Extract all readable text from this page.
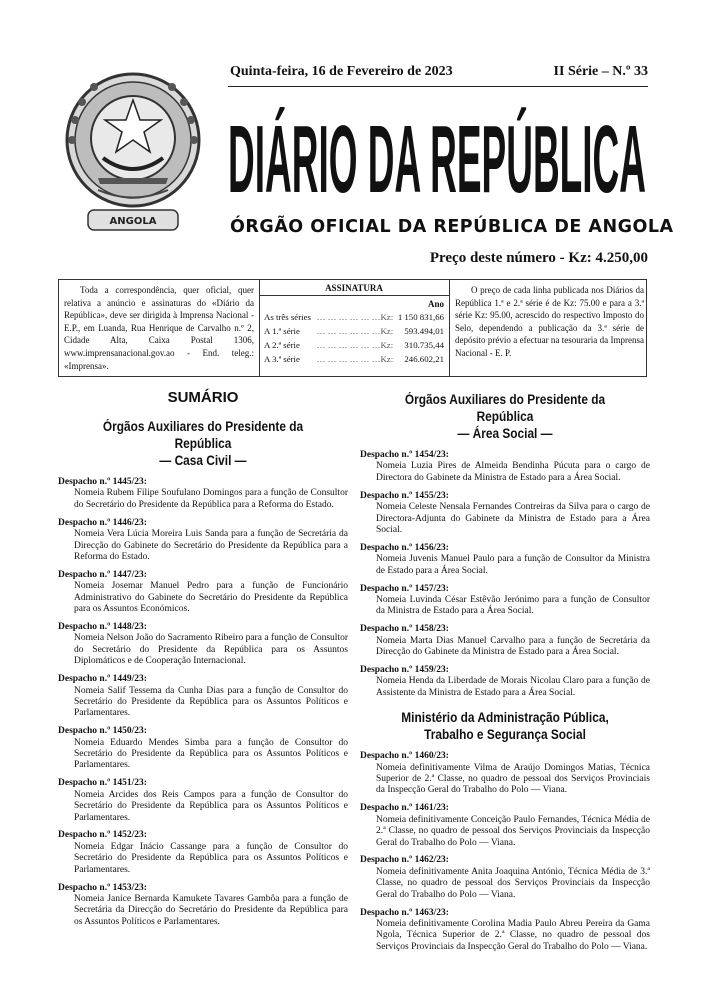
ANGOLA
Quinta-feira, 16 de Fevereiro de 2023	II Série – N.º 33
DIÁRIO DA REPÚBLICA
ÓRGÃO OFICIAL DA REPÚBLICA DE ANGOLA
Preço deste número - Kz: 4.250,00
Toda a correspondência, quer oficial, quer relativa a anúncio e assinaturas do «Diário da República», deve ser dirigida à Imprensa Nacional - E.P., em Luanda, Rua Henrique de Carvalho n.º 2, Cidade Alta, Caixa Postal 1306, www.imprensanacional.gov.ao - End. teleg.: «Imprensa».
ASSINATURA
Ano
As três séries … … … … … …Kz: 1 150 831,66
A 1.ª série	… … … … … …Kz:	593.494,01
A 2.ª série	… … … … … …Kz:	310.735,44
A 3.ª série	… … … … … …Kz:	246.602,21
O preço de cada linha publicada nos Diários da República 1.ª e 2.ª série é de Kz: 75.00 e para a 3.ª série Kz: 95.00, acrescido do respectivo Imposto do Selo, dependendo a publicação da 3.ª série de depósito prévio a efectuar na tesouraria da Imprensa Nacional - E. P.
SUMÁRIO
Órgãos Auxiliares do Presidente da República
— Casa Civil —
Despacho n.º 1445/23:
Nomeia Rubem Filipe Soufulano Domingos para a função de Consultor do Secretário do Presidente da República para a Reforma do Estado.
Despacho n.º 1446/23:
Nomeia Vera Lúcia Moreira Luis Sanda para a função de Secretária da Direcção do Gabinete do Secretário do Presidente da República para a Reforma do Estado.
Despacho n.º 1447/23:
Nomeia Josemar Manuel Pedro para a função de Funcionário Administrativo do Gabinete do Secretário do Presidente da República para os Assuntos Económicos.
Despacho n.º 1448/23:
Nomeia Nelson João do Sacramento Ribeiro para a função de Consultor do Secretário do Presidente da República para os Assuntos Diplomáticos e de Cooperação Internacional.
Despacho n.º 1449/23:
Nomeia Salif Tessema da Cunha Dias para a função de Consultor do Secretário do Presidente da República para os Assuntos Políticos e Parlamentares.
Despacho n.º 1450/23:
Nomeia Eduardo Mendes Simba para a função de Consultor do Secretário do Presidente da República para os Assuntos Políticos e Parlamentares.
Despacho n.º 1451/23:
Nomeia Arcides dos Reis Campos para a função de Consultor do Secretário do Presidente da República para os Assuntos Políticos e Parlamentares.
Despacho n.º 1452/23:
Nomeia Edgar Inácio Cassange para a função de Consultor do Secretário do Presidente da República para os Assuntos Políticos e Parlamentares.
Despacho n.º 1453/23:
Nomeia Janice Bernarda Kamukete Tavares Gambôa para a função de Secretária da Direcção do Secretário do Presidente da República para os Assuntos Políticos e Parlamentares.
Órgãos Auxiliares do Presidente da República
— Área Social —
Despacho n.º 1454/23:
Nomeia Luzia Pires de Almeida Bendinha Púcuta para o cargo de Directora do Gabinete da Ministra de Estado para a Área Social.
Despacho n.º 1455/23:
Nomeia Celeste Nensala Fernandes Contreiras da Silva para o cargo de Directora-Adjunta do Gabinete da Ministra de Estado para a Área Social.
Despacho n.º 1456/23:
Nomeia Juvenis Manuel Paulo para a função de Consultor da Ministra de Estado para a Área Social.
Despacho n.º 1457/23:
Nomeia Luvinda César Estêvão Jerónimo para a função de Consultor da Ministra de Estado para a Área Social.
Despacho n.º 1458/23:
Nomeia Marta Dias Manuel Carvalho para a função de Secretária da Direcção do Gabinete da Ministra de Estado para a Área Social.
Despacho n.º 1459/23:
Nomeia Henda da Liberdade de Morais Nicolau Claro para a função de Assistente da Ministra de Estado para a Área Social.
Ministério da Administração Pública,
Trabalho e Segurança Social
Despacho n.º 1460/23:
Nomeia definitivamente Vilma de Araújo Domingos Matias, Técnica Superior de 2.ª Classe, no quadro de pessoal dos Serviços Provinciais da Inspecção Geral do Trabalho do Polo — Viana.
Despacho n.º 1461/23:
Nomeia definitivamente Conceição Paulo Fernandes, Técnica Média de 2.ª Classe, no quadro de pessoal dos Serviços Provinciais da Inspecção Geral do Trabalho do Polo — Viana.
Despacho n.º 1462/23:
Nomeia definitivamente Anita Joaquina António, Técnica Média de 3.ª Classe, no quadro de pessoal dos Serviços Provinciais da Inspecção Geral do Trabalho do Polo — Viana.
Despacho n.º 1463/23:
Nomeia definitivamente Corolina Madia Paulo Abreu Pereira da Gama Ngola, Técnica Superior de 2.ª Classe, no quadro de pessoal dos Serviços Provinciais da Inspecção Geral do Trabalho do Polo — Viana.
